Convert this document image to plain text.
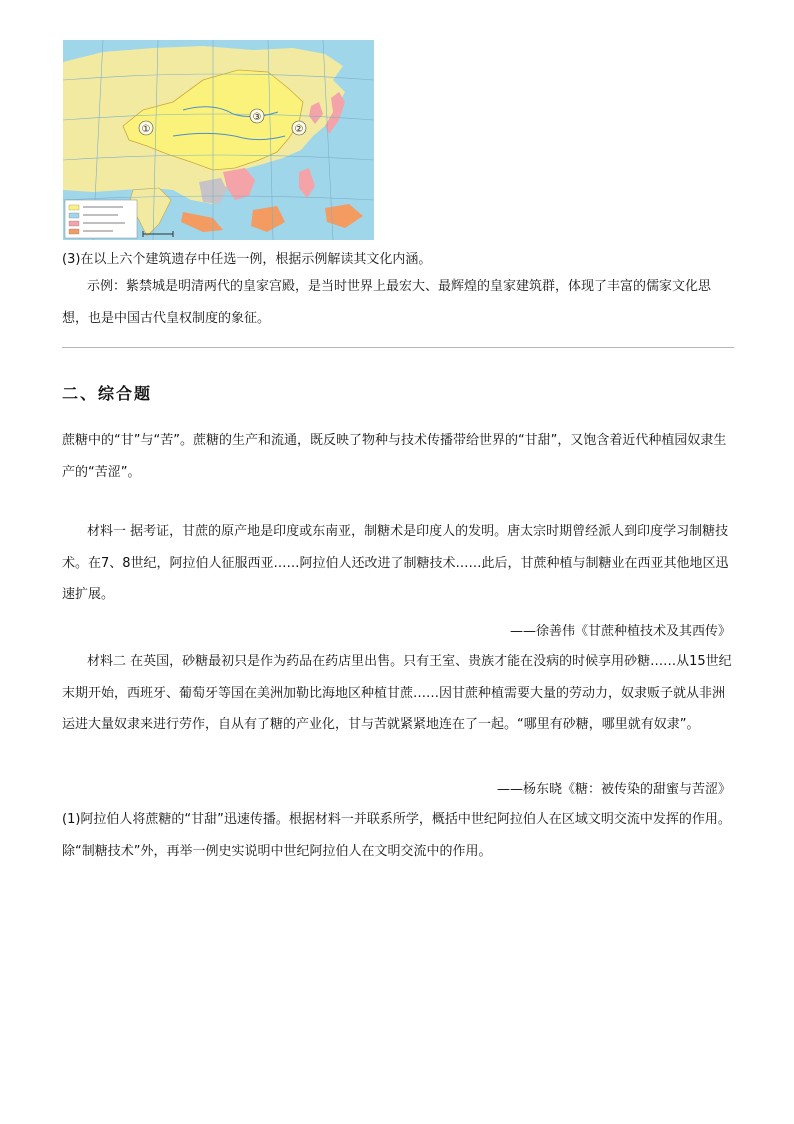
①	②
③
(3)在以上六个建筑遗存中任选一例，根据示例解读其文化内涵。
示例：紫禁城是明清两代的皇家宫殿，是当时世界上最宏大、最辉煌的皇家建筑群，体现了丰富的儒家文化思想，也是中国古代皇权制度的象征。
二、综合题
蔗糖中的“甘”与“苦”。蔗糖的生产和流通，既反映了物种与技术传播带给世界的“甘甜”，又饱含着近代种植园奴隶生产的“苦涩”。
材料一 据考证，甘蔗的原产地是印度或东南亚，制糖术是印度人的发明。唐太宗时期曾经派人到印度学习制糖技术。在7、8世纪，阿拉伯人征服西亚……阿拉伯人还改进了制糖技术……此后，甘蔗种植与制糖业在西亚其他地区迅速扩展。
——徐善伟《甘蔗种植技术及其西传》
材料二 在英国，砂糖最初只是作为药品在药店里出售。只有王室、贵族才能在没病的时候享用砂糖……从15世纪末期开始，西班牙、葡萄牙等国在美洲加勒比海地区种植甘蔗……因甘蔗种植需要大量的劳动力，奴隶贩子就从非洲运进大量奴隶来进行劳作，自从有了糖的产业化，甘与苦就紧紧地连在了一起。“哪里有砂糖，哪里就有奴隶”。
——杨东晓《糖：被传染的甜蜜与苦涩》
(1)阿拉伯人将蔗糖的“甘甜”迅速传播。根据材料一并联系所学，概括中世纪阿拉伯人在区域文明交流中发挥的作用。除“制糖技术”外，再举一例史实说明中世纪阿拉伯人在文明交流中的作用。
